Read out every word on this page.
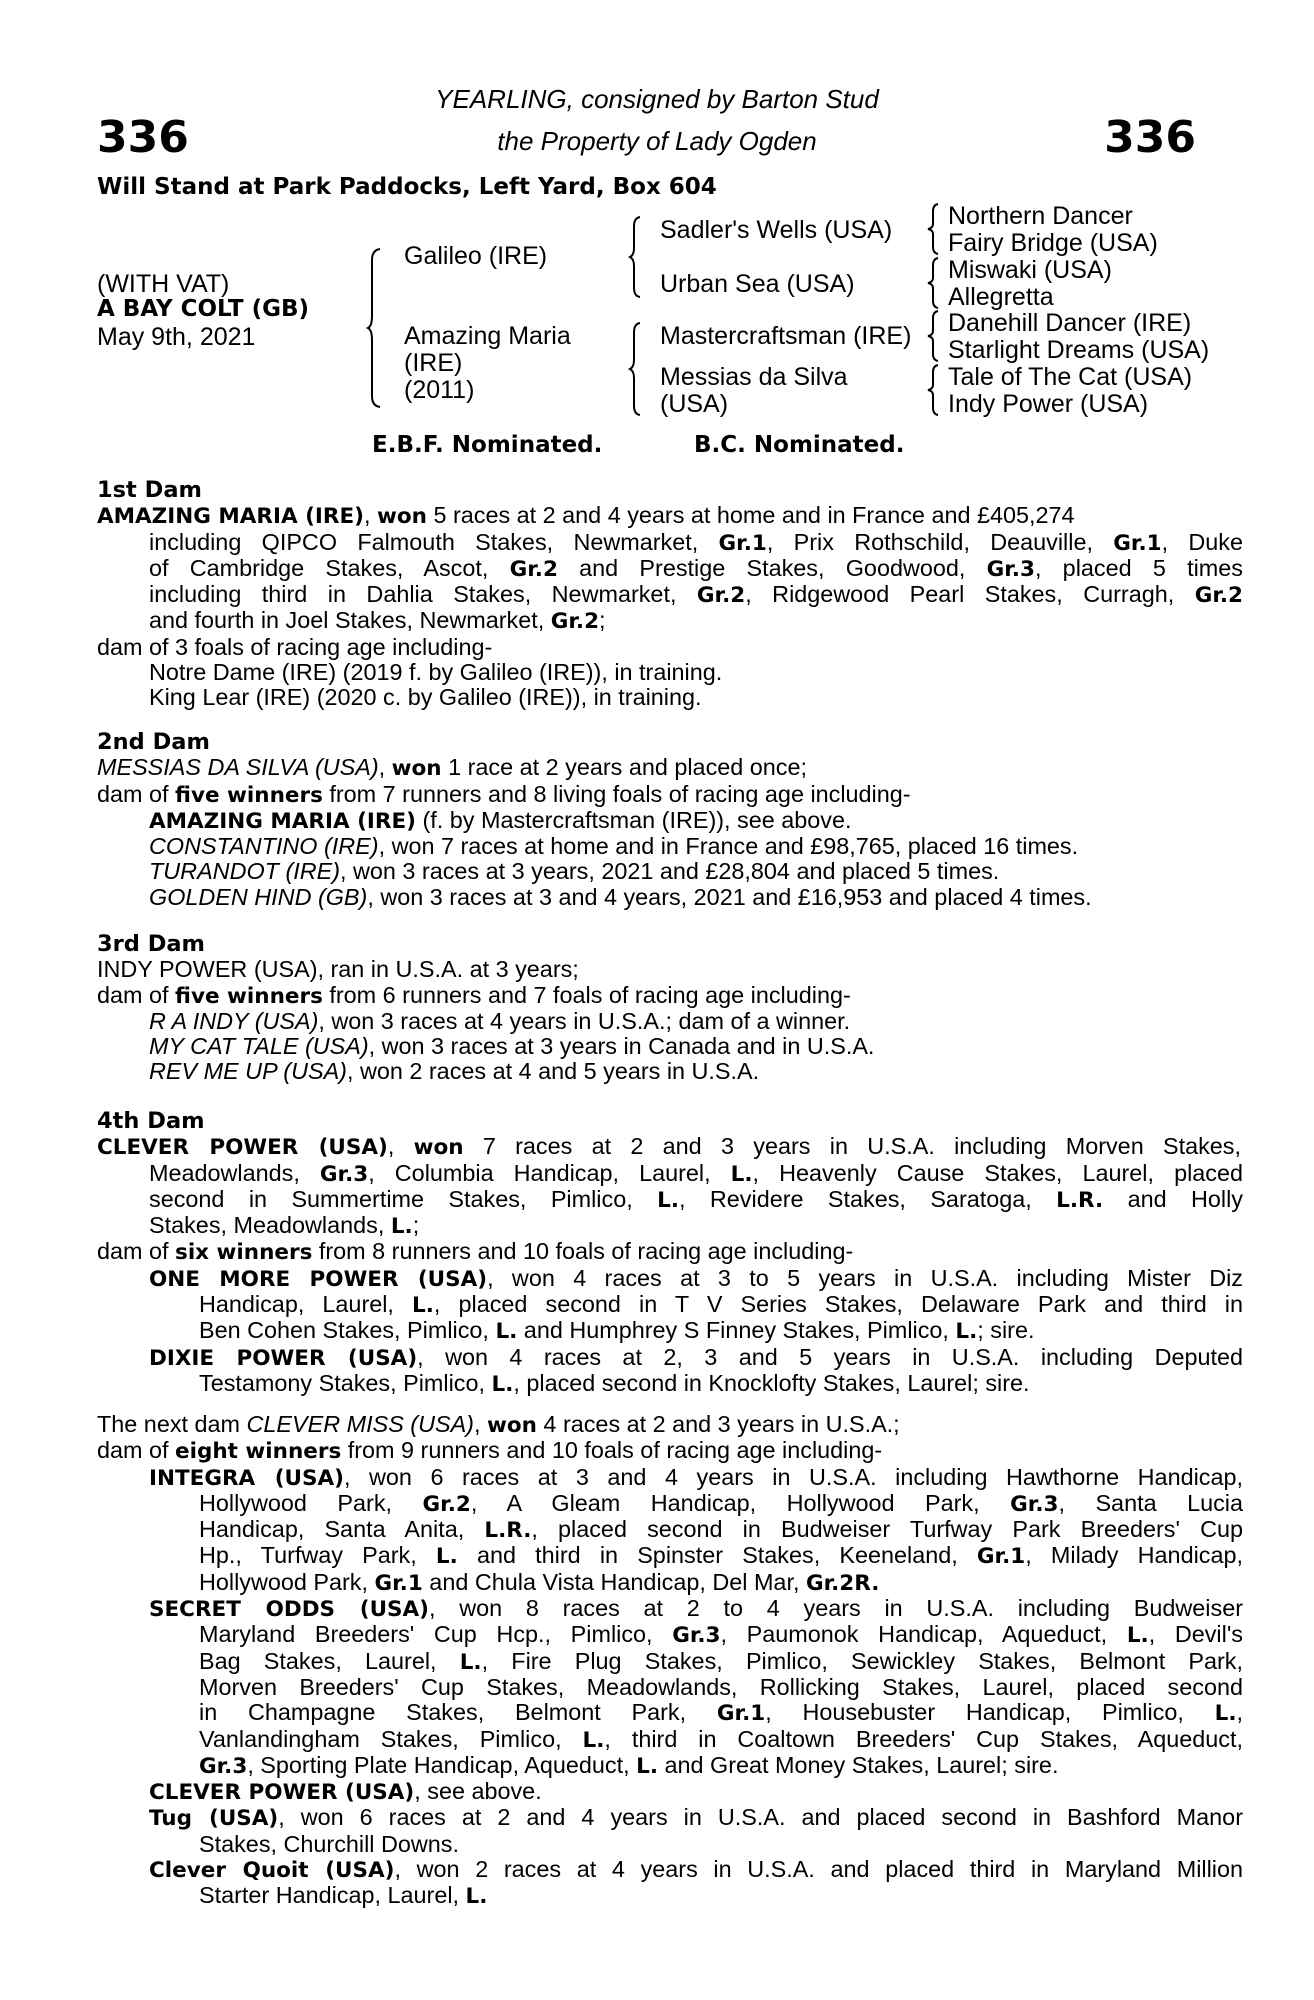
336	336
YEARLING, consigned by Barton Stud
the Property of Lady Ogden
Will Stand at Park Paddocks, Left Yard, Box 604
(WITH VAT)
A BAY COLT (GB)
May 9th, 2021
Galileo (IRE)
Amazing Maria
(IRE)
(2011)
Sadler's Wells (USA)
Urban Sea (USA)
Mastercraftsman (IRE)
Messias da Silva
(USA)
Northern Dancer
Fairy Bridge (USA)
Miswaki (USA)
Allegretta
Danehill Dancer (IRE)
Starlight Dreams (USA)
Tale of The Cat (USA)
Indy Power (USA)
E.B.F. Nominated.	B.C. Nominated.
1st Dam
AMAZING MARIA (IRE), won 5 races at 2 and 4 years at home and in France and £405,274
including QIPCO Falmouth Stakes, Newmarket, Gr.1, Prix Rothschild, Deauville, Gr.1, Duke
of Cambridge Stakes, Ascot, Gr.2 and Prestige Stakes, Goodwood, Gr.3, placed 5 times
including third in Dahlia Stakes, Newmarket, Gr.2, Ridgewood Pearl Stakes, Curragh, Gr.2
and fourth in Joel Stakes, Newmarket, Gr.2;
dam of 3 foals of racing age including-
Notre Dame (IRE) (2019 f. by Galileo (IRE)), in training.
King Lear (IRE) (2020 c. by Galileo (IRE)), in training.
2nd Dam
MESSIAS DA SILVA (USA), won 1 race at 2 years and placed once;
dam of five winners from 7 runners and 8 living foals of racing age including-
AMAZING MARIA (IRE) (f. by Mastercraftsman (IRE)), see above.
CONSTANTINO (IRE), won 7 races at home and in France and £98,765, placed 16 times.
TURANDOT (IRE), won 3 races at 3 years, 2021 and £28,804 and placed 5 times.
GOLDEN HIND (GB), won 3 races at 3 and 4 years, 2021 and £16,953 and placed 4 times.
3rd Dam
INDY POWER (USA), ran in U.S.A. at 3 years;
dam of five winners from 6 runners and 7 foals of racing age including-
R A INDY (USA), won 3 races at 4 years in U.S.A.; dam of a winner.
MY CAT TALE (USA), won 3 races at 3 years in Canada and in U.S.A.
REV ME UP (USA), won 2 races at 4 and 5 years in U.S.A.
4th Dam
CLEVER POWER (USA), won 7 races at 2 and 3 years in U.S.A. including Morven Stakes,
Meadowlands, Gr.3, Columbia Handicap, Laurel, L., Heavenly Cause Stakes, Laurel, placed
second in Summertime Stakes, Pimlico, L., Revidere Stakes, Saratoga, L.R. and Holly
Stakes, Meadowlands, L.;
dam of six winners from 8 runners and 10 foals of racing age including-
ONE MORE POWER (USA), won 4 races at 3 to 5 years in U.S.A. including Mister Diz
Handicap, Laurel, L., placed second in T V Series Stakes, Delaware Park and third in
Ben Cohen Stakes, Pimlico, L. and Humphrey S Finney Stakes, Pimlico, L.; sire.
DIXIE POWER (USA), won 4 races at 2, 3 and 5 years in U.S.A. including Deputed
Testamony Stakes, Pimlico, L., placed second in Knocklofty Stakes, Laurel; sire.
The next dam CLEVER MISS (USA), won 4 races at 2 and 3 years in U.S.A.;
dam of eight winners from 9 runners and 10 foals of racing age including-
INTEGRA (USA), won 6 races at 3 and 4 years in U.S.A. including Hawthorne Handicap,
Hollywood Park, Gr.2, A Gleam Handicap, Hollywood Park, Gr.3, Santa Lucia
Handicap, Santa Anita, L.R., placed second in Budweiser Turfway Park Breeders' Cup
Hp., Turfway Park, L. and third in Spinster Stakes, Keeneland, Gr.1, Milady Handicap,
Hollywood Park, Gr.1 and Chula Vista Handicap, Del Mar, Gr.2R.
SECRET ODDS (USA), won 8 races at 2 to 4 years in U.S.A. including Budweiser
Maryland Breeders' Cup Hcp., Pimlico, Gr.3, Paumonok Handicap, Aqueduct, L., Devil's
Bag Stakes, Laurel, L., Fire Plug Stakes, Pimlico, Sewickley Stakes, Belmont Park,
Morven Breeders' Cup Stakes, Meadowlands, Rollicking Stakes, Laurel, placed second
in Champagne Stakes, Belmont Park, Gr.1, Housebuster Handicap, Pimlico, L.,
Vanlandingham Stakes, Pimlico, L., third in Coaltown Breeders' Cup Stakes, Aqueduct,
Gr.3, Sporting Plate Handicap, Aqueduct, L. and Great Money Stakes, Laurel; sire.
CLEVER POWER (USA), see above.
Tug (USA), won 6 races at 2 and 4 years in U.S.A. and placed second in Bashford Manor
Stakes, Churchill Downs.
Clever Quoit (USA), won 2 races at 4 years in U.S.A. and placed third in Maryland Million
Starter Handicap, Laurel, L.
